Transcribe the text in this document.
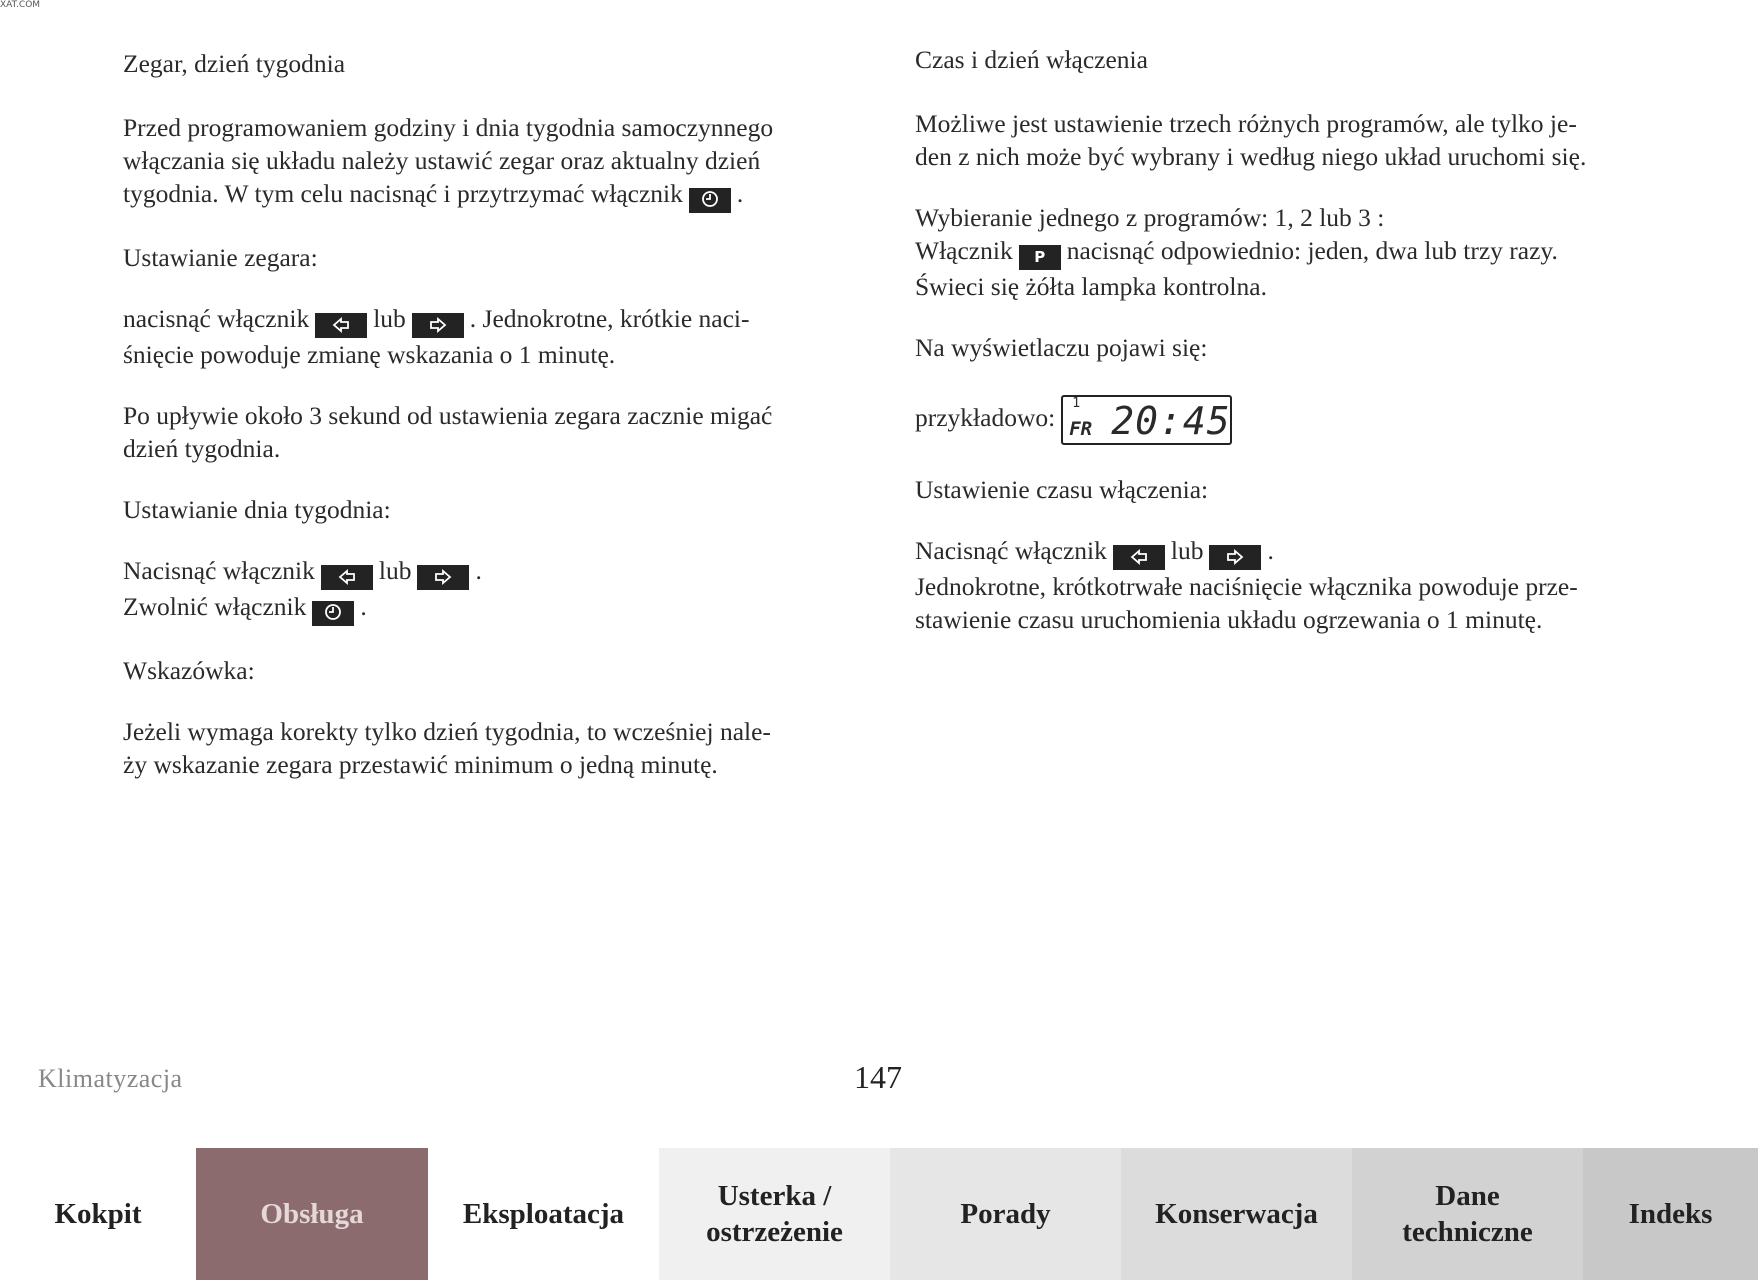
XAT.COM

Zegar, dzień tygodnia

Przed programowaniem godziny i dnia tygodnia samoczynnego

włączania się układu należy ustawić zegar oraz aktualny dzień

tygodnia. W tym celu nacisnąć i przytrzymać włącznik .

Ustawianie zegara:

nacisnąć włącznik	lub	. Jednokrotne, krótkie naci-

śnięcie powoduje zmianę wskazania o 1 minutę.

Po upływie około 3 sekund od ustawienia zegara zacznie migać

dzień tygodnia.

Ustawianie dnia tygodnia:

Nacisnąć włącznik	lub	.

Zwolnić włącznik .

Wskazówka:

Jeżeli wymaga korekty tylko dzień tygodnia, to wcześniej nale-

ży wskazanie zegara przestawić minimum o jedną minutę.

Czas i dzień włączenia

Możliwe jest ustawienie trzech różnych programów, ale tylko je-

den z nich może być wybrany i według niego układ uruchomi się.

Wybieranie jednego z programów: 1, 2 lub 3 :

Włącznik P nacisnąć odpowiednio: jeden, dwa lub trzy razy.

Świeci się żółta lampka kontrolna.

Na wyświetlaczu pojawi się:

przykładowo: 1
FR 20:45

Ustawienie czasu włączenia:

Nacisnąć włącznik	lub	.

Jednokrotne, krótkotrwałe naciśnięcie włącznika powoduje prze-

stawienie czasu uruchomienia układu ogrzewania o 1 minutę.

Klimatyzacja	147
Kokpit	Obsługa	Eksploatacja
Usterka /
ostrzeżenie
Porady	Konserwacja
Dane
techniczne
Indeks
